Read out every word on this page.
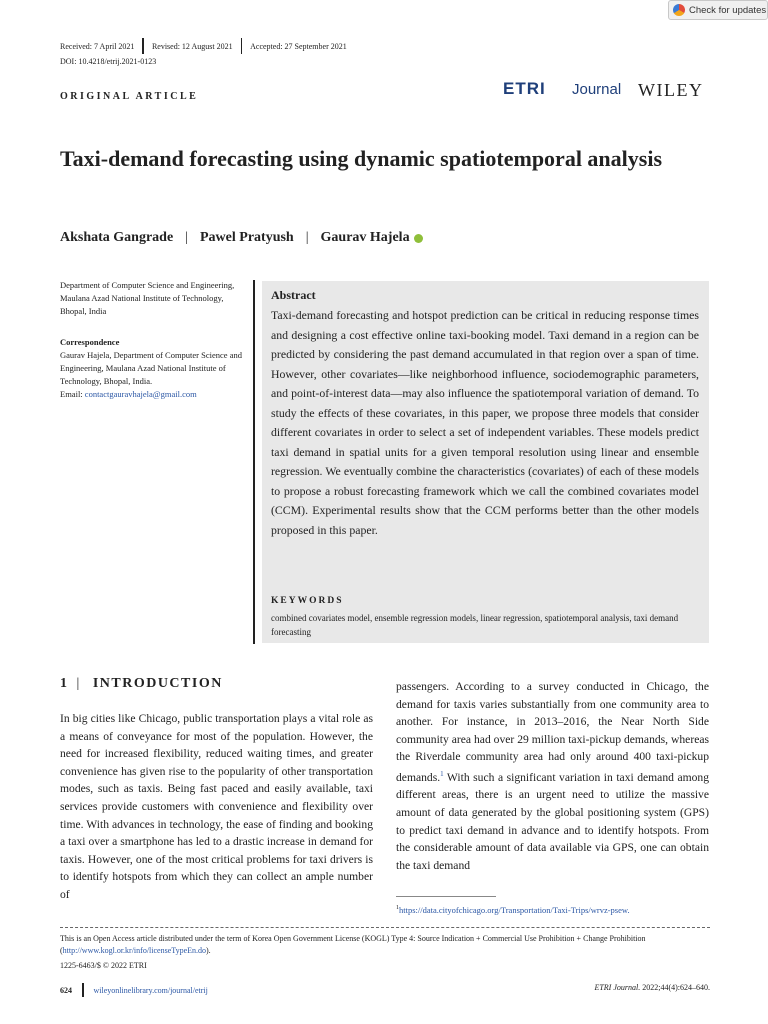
Check for updates
Received: 7 April 2021 Revised: 12 August 2021 Accepted: 27 September 2021
DOI: 10.4218/etrij.2021-0123
ORIGINAL ARTICLE	ETRI Journal WILEY
Taxi-demand forecasting using dynamic spatiotemporal analysis
Akshata Gangrade | Pawel Pratyush | Gaurav Hajela
Department of Computer Science and Engineering, Maulana Azad National Institute of Technology, Bhopal, India
Correspondence
Gaurav Hajela, Department of Computer Science and Engineering, Maulana Azad National Institute of Technology, Bhopal, India.
Email: contactgauravhajela@gmail.com
Abstract
Taxi-demand forecasting and hotspot prediction can be critical in reducing response times and designing a cost effective online taxi-booking model. Taxi demand in a region can be predicted by considering the past demand accumulated in that region over a span of time. However, other covariates—like neighborhood influence, sociodemographic parameters, and point-of-interest data—may also influence the spatiotemporal variation of demand. To study the effects of these covariates, in this paper, we propose three models that consider different covariates in order to select a set of independent variables. These models predict taxi demand in spatial units for a given temporal resolution using linear and ensemble regression. We eventually combine the characteristics (covariates) of each of these models to propose a robust forecasting framework which we call the combined covariates model (CCM). Experimental results show that the CCM performs better than the other models proposed in this paper.
KEYWORDS
combined covariates model, ensemble regression models, linear regression, spatiotemporal analysis, taxi demand forecasting
1 | INTRODUCTION
In big cities like Chicago, public transportation plays a vital role as a means of conveyance for most of the population. However, the need for increased flexibility, reduced waiting times, and greater convenience has given rise to the popularity of other transportation modes, such as taxis. Being fast paced and easily available, taxi services provide customers with convenience and flexibility over time. With advances in technology, the ease of finding and booking a taxi over a smartphone has led to a drastic increase in demand for taxis. However, one of the most critical problems for taxi drivers is to identify hotspots from which they can collect an ample number of
passengers. According to a survey conducted in Chicago, the demand for taxis varies substantially from one community area to another. For instance, in 2013–2016, the Near North Side community area had over 29 million taxi-pickup demands, whereas the Riverdale community area had only around 400 taxi-pickup demands.$^1$ With such a significant variation in taxi demand among different areas, there is an urgent need to utilize the massive amount of data generated by the global positioning system (GPS) to predict taxi demand in advance and to identify hotspots. From the considerable amount of data available via GPS, one can obtain the taxi demand
$^1$https://data.cityofchicago.org/Transportation/Taxi-Trips/wrvz-psew.
This is an Open Access article distributed under the term of Korea Open Government License (KOGL) Type 4: Source Indication + Commercial Use Prohibition + Change Prohibition (http://www.kogl.or.kr/info/licenseTypeEn.do).
1225-6463/$ © 2022 ETRI
624	wileyonlinelibrary.com/journal/etrij	ETRI Journal. 2022;44(4):624–640.
